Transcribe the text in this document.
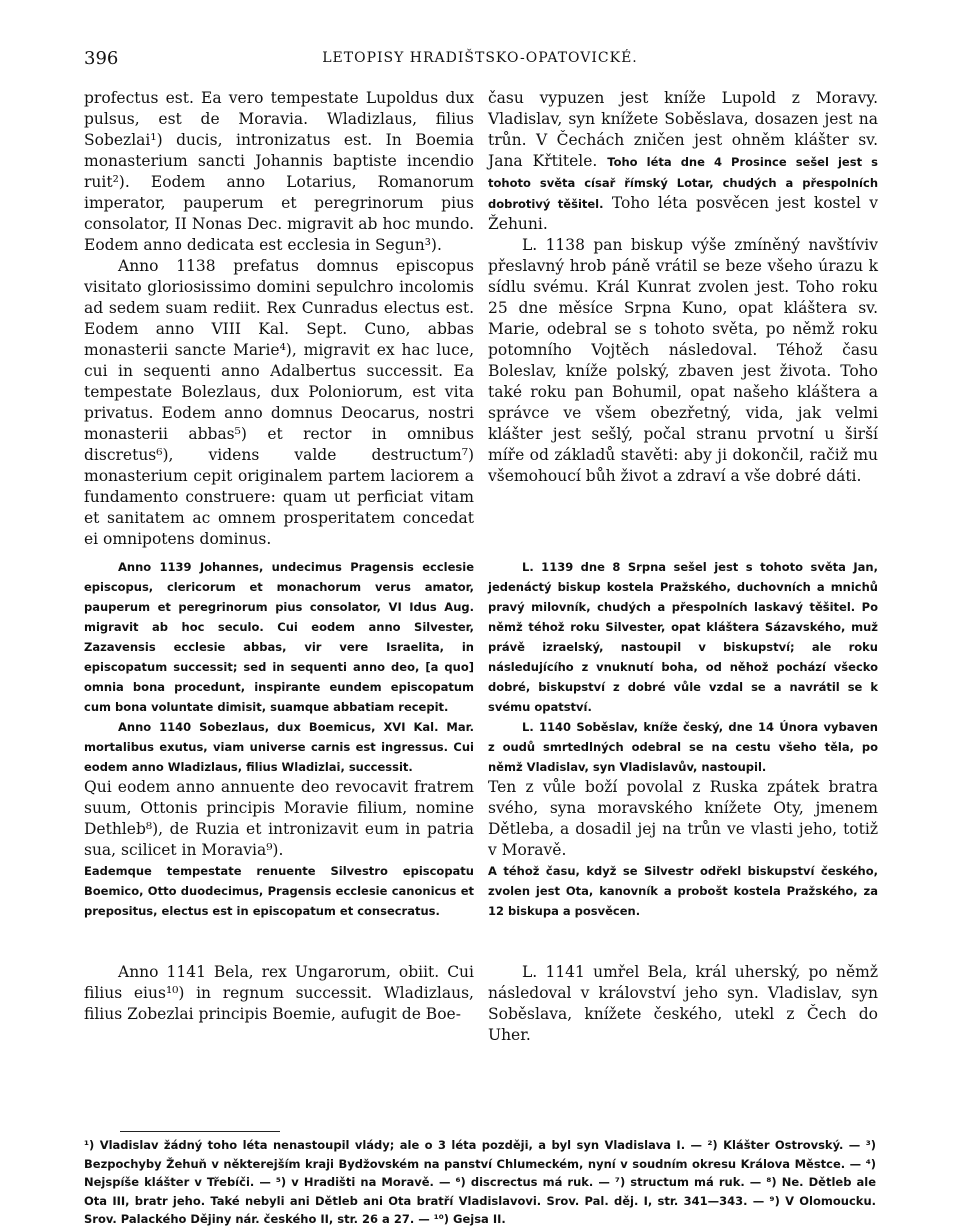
396	LETOPISY HRADIŠTSKO-OPATOVICKÉ.

profectus est. Ea vero tempestate Lupoldus dux pulsus, est de Moravia. Wladizlaus, filius Sobezlai¹) ducis, intronizatus est. In Boemia monasterium sancti Johannis baptiste incendio ruit²). Eodem anno Lotarius, Romanorum imperator, pauperum et peregrinorum pius consolator, II Nonas Dec. migravit ab hoc mundo. Eodem anno dedicata est ecclesia in Segun³).

Anno 1138 prefatus domnus episcopus visitato gloriosissimo domini sepulchro incolomis ad sedem suam rediit. Rex Cunradus electus est. Eodem anno VIII Kal. Sept. Cuno, abbas monasterii sancte Marie⁴), migravit ex hac luce, cui in sequenti anno Adalbertus successit. Ea tempestate Bolezlaus, dux Poloniorum, est vita privatus. Eodem anno domnus Deocarus, nostri monasterii abbas⁵) et rector in omnibus discretus⁶), videns valde destructum⁷) monasterium cepit originalem partem laciorem a fundamento construere: quam ut perficiat vitam et sanitatem ac omnem prosperitatem concedat ei omnipotens dominus.

Anno 1139 Johannes, undecimus Pragensis ecclesie episcopus, clericorum et monachorum verus amator, pauperum et peregrinorum pius consolator, VI Idus Aug. migravit ab hoc seculo. Cui eodem anno Silvester, Zazavensis ecclesie abbas, vir vere Israelita, in episcopatum successit; sed in sequenti anno deo, [a quo] omnia bona procedunt, inspirante eundem episcopatum cum bona voluntate dimisit, suamque abbatiam recepit.

Anno 1140 Sobezlaus, dux Boemicus, XVI Kal. Mar. mortalibus exutus, viam universe carnis est ingressus. Cui eodem anno Wladizlaus, filius Wladizlai, successit.

Qui eodem anno annuente deo revocavit fratrem suum, Ottonis principis Moravie filium, nomine Dethleb⁸), de Ruzia et intronizavit eum in patria sua, scilicet in Moravia⁹).

Eademque tempestate renuente Silvestro episcopatu Boemico, Otto duodecimus, Pragensis ecclesie canonicus et prepositus, electus est in episcopatum et consecratus.

Anno 1141 Bela, rex Ungarorum, obiit. Cui filius eius¹⁰) in regnum successit. Wladizlaus, filius Zobezlai principis Boemie, aufugit de Boe-

času vypuzen jest kníže Lupold z Moravy. Vladislav, syn knížete Soběslava, dosazen jest na trůn. V Čechách zničen jest ohněm klášter sv. Jana Křtitele. Toho léta dne 4 Prosince sešel jest s tohoto světa císař římský Lotar, chudých a přespolních dobrotivý těšitel. Toho léta posvěcen jest kostel v Žehuni.

L. 1138 pan biskup výše zmíněný navštíviv přeslavný hrob páně vrátil se beze všeho úrazu k sídlu svému. Král Kunrat zvolen jest. Toho roku 25 dne měsíce Srpna Kuno, opat kláštera sv. Marie, odebral se s tohoto světa, po němž roku potomního Vojtěch následoval. Téhož času Boleslav, kníže polský, zbaven jest života. Toho také roku pan Bohumil, opat našeho kláštera a správce ve všem obezřetný, vida, jak velmi klášter jest sešlý, počal stranu prvotní u širší míře od základů stavěti: aby ji dokončil, račiž mu všemohoucí bůh život a zdraví a vše dobré dáti.

L. 1139 dne 8 Srpna sešel jest s tohoto světa Jan, jedenáctý biskup kostela Pražského, duchovních a mnichů pravý milovník, chudých a přespolních laskavý těšitel. Po němž téhož roku Silvester, opat kláštera Sázavského, muž právě izraelský, nastoupil v biskupství; ale roku následujícího z vnuknutí boha, od něhož pochází všecko dobré, biskupství z dobré vůle vzdal se a navrátil se k svému opatství.

L. 1140 Soběslav, kníže český, dne 14 Února vybaven z oudů smrtedlných odebral se na cestu všeho těla, po němž Vladislav, syn Vladislavův, nastoupil.

Ten z vůle boží povolal z Ruska zpátek bratra svého, syna moravského knížete Oty, jmenem Dětleba, a dosadil jej na trůn ve vlasti jeho, totiž v Moravě.

A téhož času, když se Silvestr odřekl biskupství českého, zvolen jest Ota, kanovník a probošt kostela Pražského, za 12 biskupa a posvěcen.

L. 1141 umřel Bela, král uherský, po němž následoval v království jeho syn. Vladislav, syn Soběslava, knížete českého, utekl z Čech do Uher.

¹) Vladislav žádný toho léta nenastoupil vlády; ale o 3 léta později, a byl syn Vladislava I. — ²) Klášter Ostrovský. — ³) Bezpochyby Žehuň v některejším kraji Bydžovském na panství Chlumeckém, nyní v soudním okresu Králova Městce. — ⁴) Nejspíše klášter v Třebíči. — ⁵) v Hradišti na Moravě. — ⁶) discrectus má ruk. — ⁷) structum má ruk. — ⁸) Ne. Dětleb ale Ota III, bratr jeho. Také nebyli ani Dětleb ani Ota bratří Vladislavovi. Srov. Pal. děj. I, str. 341—343. — ⁹) V Olomoucku. Srov. Palackého Dějiny nár. českého II, str. 26 a 27. — ¹⁰) Gejsa II.
